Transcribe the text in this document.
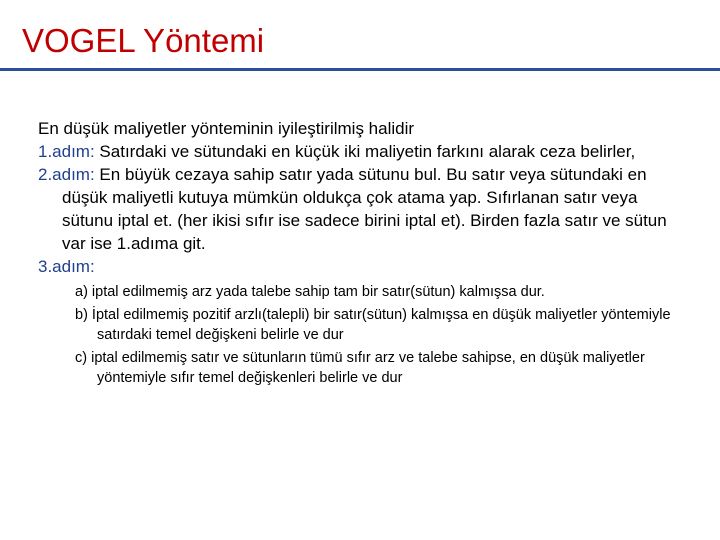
VOGEL Yöntemi

En düşük maliyetler yönteminin iyileştirilmiş halidir

1.adım: Satırdaki ve sütundaki en küçük iki maliyetin farkını alarak ceza belirler,

2.adım: En büyük cezaya sahip satır yada sütunu bul. Bu satır veya sütundaki en düşük maliyetli kutuya mümkün oldukça çok atama yap. Sıfırlanan satır veya sütunu iptal et. (her ikisi sıfır ise sadece birini iptal et). Birden fazla satır ve sütun var ise 1.adıma git.

3.adım:

a) iptal edilmemiş arz yada talebe sahip tam bir satır(sütun) kalmışsa dur.

b) İptal edilmemiş pozitif arzlı(talepli) bir satır(sütun) kalmışsa en düşük maliyetler yöntemiyle satırdaki temel değişkeni belirle ve dur

c) iptal edilmemiş satır ve sütunların tümü sıfır arz ve talebe sahipse, en düşük maliyetler yöntemiyle sıfır temel değişkenleri belirle ve dur
